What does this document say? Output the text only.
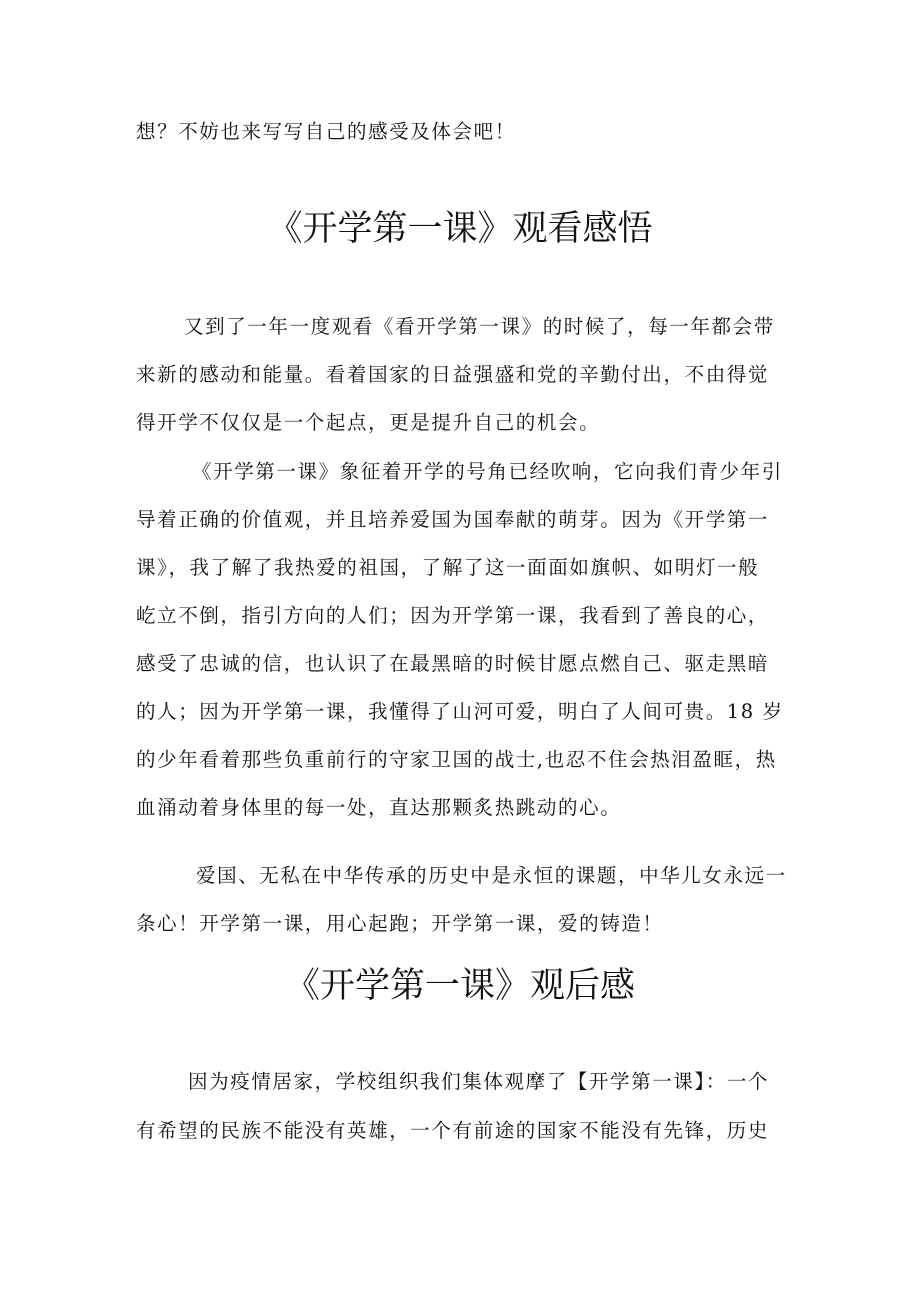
想？不妨也来写写自己的感受及体会吧！
《开学第一课》观看感悟
又到了一年一度观看《看开学第一课》的时候了，每一年都会带
来新的感动和能量。看着国家的日益强盛和党的辛勤付出，不由得觉
得开学不仅仅是一个起点，更是提升自己的机会。
《开学第一课》象征着开学的号角已经吹响，它向我们青少年引
导着正确的价值观，并且培养爱国为国奉献的萌芽。因为《开学第一
课》，我了解了我热爱的祖国，了解了这一面面如旗帜、如明灯一般
屹立不倒，指引方向的人们；因为开学第一课，我看到了善良的心，
感受了忠诚的信，也认识了在最黑暗的时候甘愿点燃自己、驱走黑暗
的人；因为开学第一课，我懂得了山河可爱，明白了人间可贵。18 岁
的少年看着那些负重前行的守家卫国的战士,也忍不住会热泪盈眶，热
血涌动着身体里的每一处，直达那颗炙热跳动的心。
爱国、无私在中华传承的历史中是永恒的课题，中华儿女永远一
条心！开学第一课，用心起跑；开学第一课，爱的铸造！
《开学第一课》观后感
因为疫情居家，学校组织我们集体观摩了【开学第一课】：一个
有希望的民族不能没有英雄，一个有前途的国家不能没有先锋，历史
